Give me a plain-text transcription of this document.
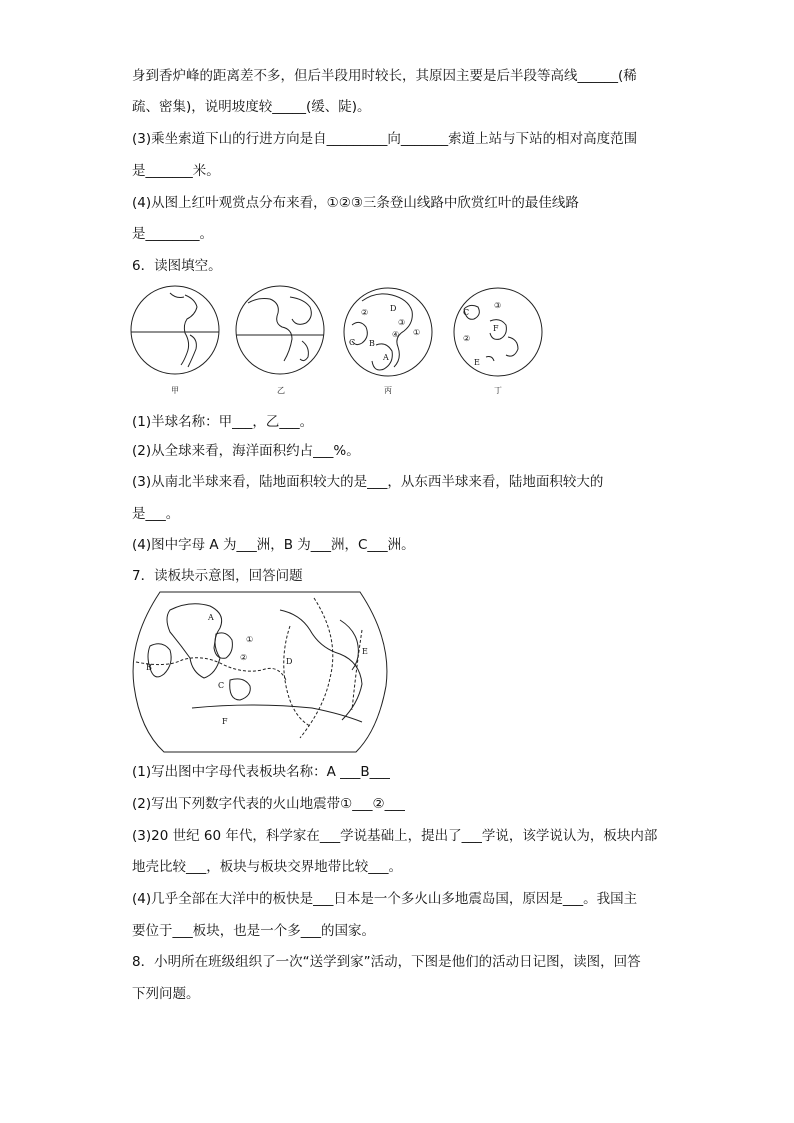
身到香炉峰的距离差不多，但后半段用时较长，其原因主要是后半段等高线______(稀
疏、密集)，说明坡度较_____(缓、陡)。
(3)乘坐索道下山的行进方向是自_________向_______索道上站与下站的相对高度范围
是_______米。
(4)从图上红叶观赏点分布来看，①②③三条登山线路中欣赏红叶的最佳线路
是________。
6．读图填空。
D
②
③
④ ①
C B
A
C
③
F
②
E
甲	乙	丙	丁
(1)半球名称：甲___，乙___。
(2)从全球来看，海洋面积约占___%。
(3)从南北半球来看，陆地面积较大的是___，从东西半球来看，陆地面积较大的
是___。
(4)图中字母 A 为___洲，B 为___洲，C___洲。
7．读板块示意图，回答问题
A
B
C
D
E
F
①
②
(1)写出图中字母代表板块名称：A ___B___
(2)写出下列数字代表的火山地震带①___②___
(3)20 世纪 60 年代，科学家在___学说基础上，提出了___学说，该学说认为，板块内部
地壳比较___，板块与板块交界地带比较___。
(4)几乎全部在大洋中的板快是___日本是一个多火山多地震岛国，原因是___。我国主
要位于___板块，也是一个多___的国家。
8．小明所在班级组织了一次“送学到家”活动，下图是他们的活动日记图，读图，回答
下列问题。
